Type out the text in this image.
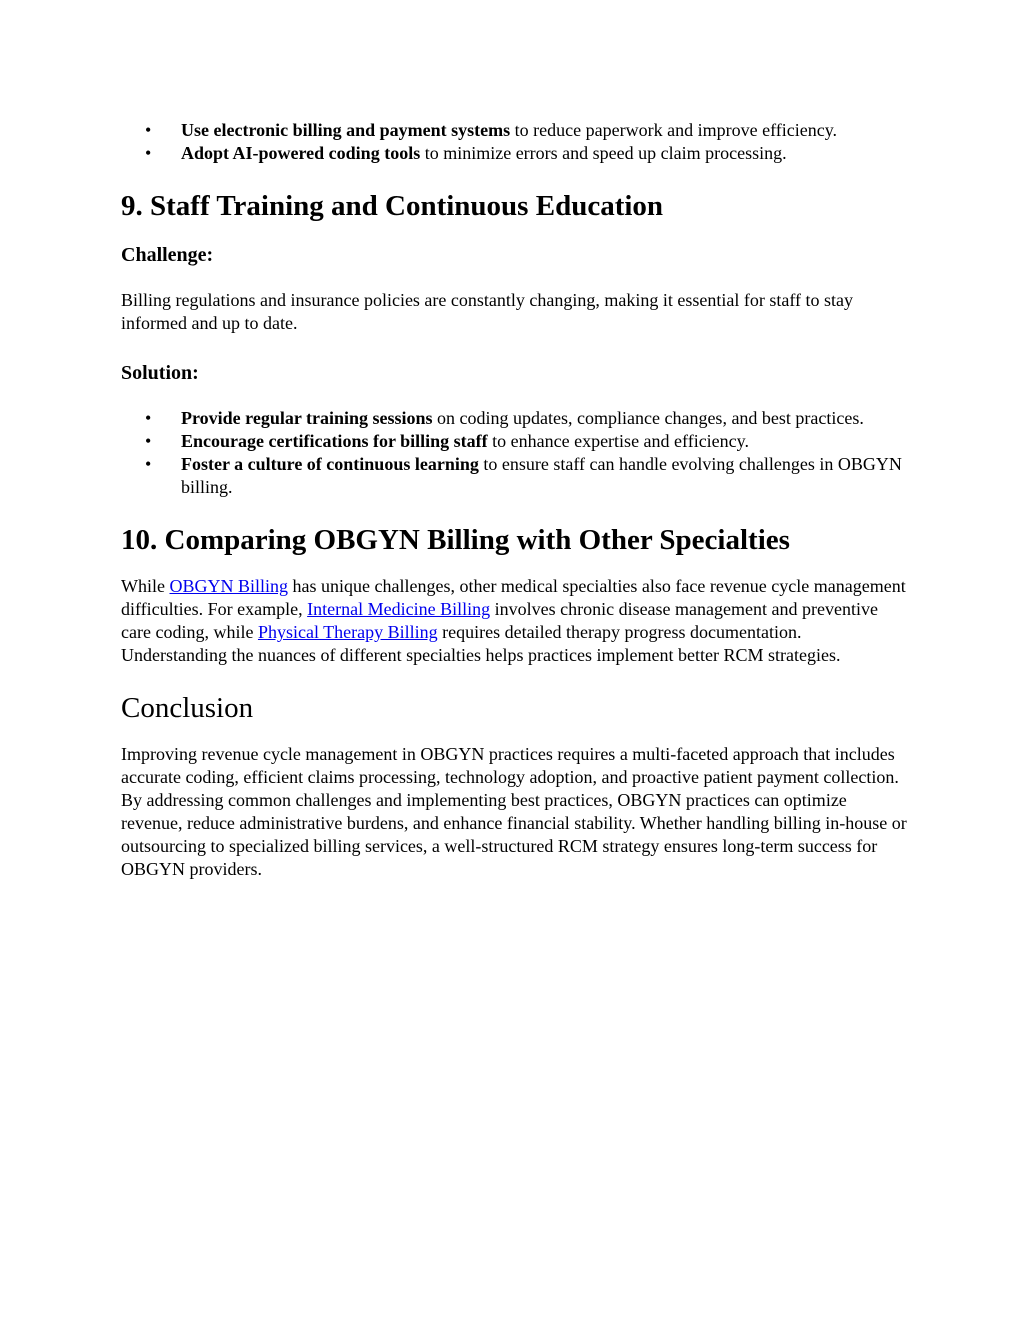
• Use electronic billing and payment systems to reduce paperwork and improve efficiency.
• Adopt AI-powered coding tools to minimize errors and speed up claim processing.
9. Staff Training and Continuous Education
Challenge:

Billing regulations and insurance policies are constantly changing, making it essential for staff to stay informed and up to date.

Solution:
• Provide regular training sessions on coding updates, compliance changes, and best practices.
• Encourage certifications for billing staff to enhance expertise and efficiency.
• Foster a culture of continuous learning to ensure staff can handle evolving challenges in OBGYN billing.
10. Comparing OBGYN Billing with Other Specialties

While OBGYN Billing has unique challenges, other medical specialties also face revenue cycle management difficulties. For example, Internal Medicine Billing involves chronic disease management and preventive care coding, while Physical Therapy Billing requires detailed therapy progress documentation. Understanding the nuances of different specialties helps practices implement better RCM strategies.

Conclusion

Improving revenue cycle management in OBGYN practices requires a multi-faceted approach that includes accurate coding, efficient claims processing, technology adoption, and proactive patient payment collection. By addressing common challenges and implementing best practices, OBGYN practices can optimize revenue, reduce administrative burdens, and enhance financial stability. Whether handling billing in-house or outsourcing to specialized billing services, a well-structured RCM strategy ensures long-term success for OBGYN providers.
